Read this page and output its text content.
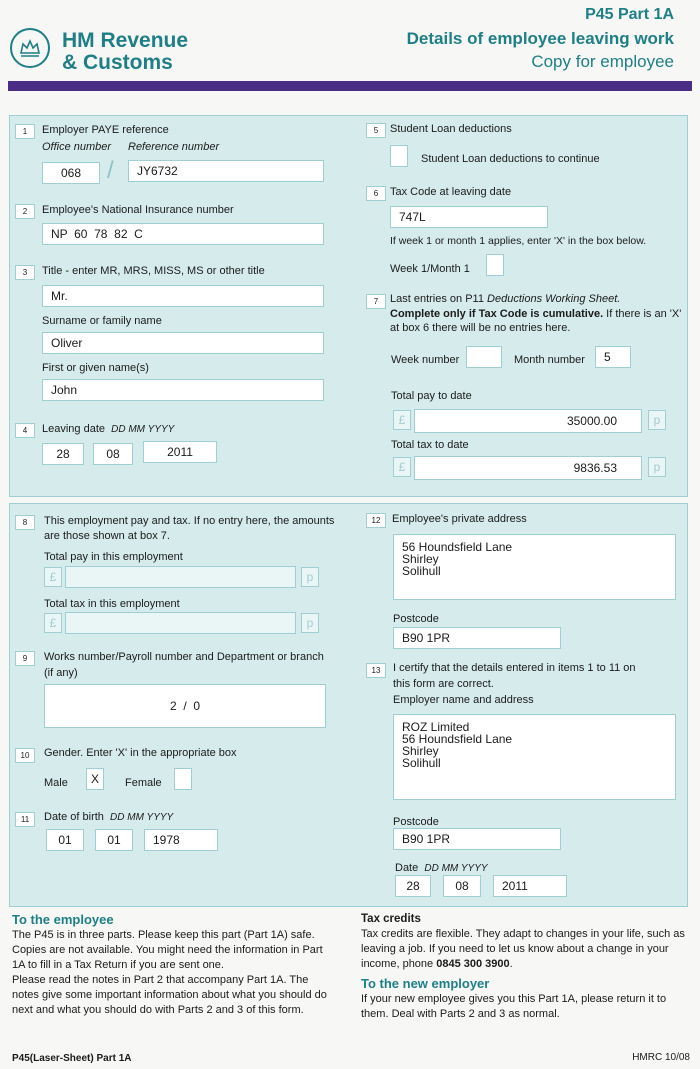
HM Revenue
& Customs
P45 Part 1A
Details of employee leaving work
Copy for employee
1	Employer PAYE reference
Office number Reference number
068	/	JY6732
2	Employee's National Insurance number
NP  60  78  82  C
3	Title - enter MR, MRS, MISS, MS or other title
Mr.
Surname or family name
Oliver
First or given name(s)
John
4	Leaving date DD MM YYYY
28	08	2011
5	Student Loan deductions
Student Loan deductions to continue
6	Tax Code at leaving date
747L
If week 1 or month 1 applies, enter 'X' in the box below.
Week 1/Month 1
7	Last entries on P11 Deductions Working Sheet.
Complete only if Tax Code is cumulative. If there is an 'X'
at box 6 there will be no entries here.
Week number	Month number	5
Total pay to date
£	35000.00	p
Total tax to date
£	9836.53	p
8	This employment pay and tax. If no entry here, the amounts
are those shown at box 7.
Total pay in this employment
£	p
Total tax in this employment
£	p
9	Works number/Payroll number and Department or branch
(if any)
2  /  0
10	Gender. Enter 'X' in the appropriate box
Male	X	Female
11	Date of birth DD MM YYYY
01	01	1978
12	Employee's private address
56 Houndsfield Lane
Shirley
Solihull
Postcode
B90 1PR
13	I certify that the details entered in items 1 to 11 on
this form are correct.
Employer name and address
ROZ Limited
56 Houndsfield Lane
Shirley
Solihull
Postcode
B90 1PR
Date DD MM YYYY
28	08	2011
To the employee
The P45 is in three parts. Please keep this part (Part 1A) safe. Copies are not available. You might need the information in Part 1A to fill in a Tax Return if you are sent one.
Please read the notes in Part 2 that accompany Part 1A. The notes give some important information about what you should do next and what you should do with Parts 2 and 3 of this form.
Tax credits
Tax credits are flexible. They adapt to changes in your life, such as leaving a job. If you need to let us know about a change in your income, phone 0845 300 3900.
To the new employer
If your new employee gives you this Part 1A, please return it to them. Deal with Parts 2 and 3 as normal.
P45(Laser-Sheet) Part 1A	HMRC 10/08
